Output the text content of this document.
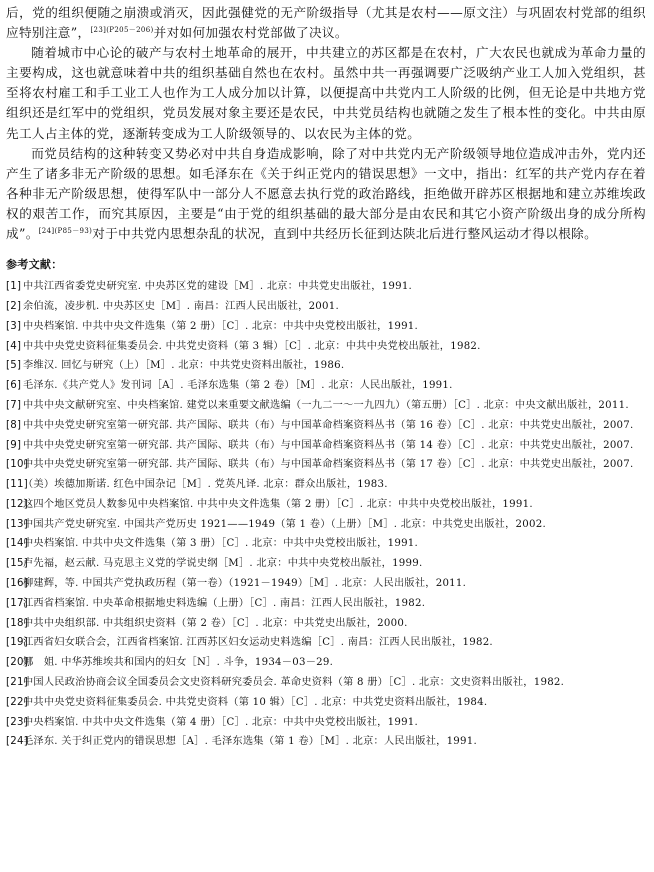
后，党的组织便随之崩溃或消灭，因此强健党的无产阶级指导（尤其是农村——原文注）与巩固农村党部的组织应特别注意”，$^{[23](P205-206)}$并对如何加强农村党部做了决议。

随着城市中心论的破产与农村土地革命的展开，中共建立的苏区都是在农村，广大农民也就成为革命力量的主要构成，这也就意味着中共的组织基础自然也在农村。虽然中共一再强调要广泛吸纳产业工人加入党组织，甚至将农村雇工和手工业工人也作为工人成分加以计算，以便提高中共党内工人阶级的比例，但无论是中共地方党组织还是红军中的党组织，党员发展对象主要还是农民，中共党员结构也就随之发生了根本性的变化。中共由原先工人占主体的党，逐渐转变成为工人阶级领导的、以农民为主体的党。

而党员结构的这种转变又势必对中共自身造成影响，除了对中共党内无产阶级领导地位造成冲击外，党内还产生了诸多非无产阶级的思想。如毛泽东在《关于纠正党内的错误思想》一文中，指出：红军的共产党内存在着各种非无产阶级思想，使得军队中一部分人不愿意去执行党的政治路线，拒绝做开辟苏区根据地和建立苏维埃政权的艰苦工作，而究其原因，主要是“由于党的组织基础的最大部分是由农民和其它小资产阶级出身的成分所构成”。$^{[24](P85-93)}$对于中共党内思想杂乱的状况，直到中共经历长征到达陕北后进行整风运动才得以根除。

参考文献：
[1] 中共江西省委党史研究室. 中央苏区党的建设［M］. 北京：中共党史出版社，1991.
[2] 余伯流，凌步机. 中央苏区史［M］. 南昌：江西人民出版社，2001.
[3] 中央档案馆. 中共中央文件选集（第 2 册）［C］. 北京：中共中央党校出版社，1991.
[4] 中共中央党史资料征集委员会. 中共党史资料（第 3 辑）［C］. 北京：中共中央党校出版社，1982.
[5] 李维汉. 回忆与研究（上）［M］. 北京：中共党史资料出版社，1986.
[6] 毛泽东.《共产党人》发刊词［A］. 毛泽东选集（第 2 卷）［M］. 北京：人民出版社，1991.
[7] 中共中央文献研究室、中央档案馆. 建党以来重要文献选编（一九二一～一九四九）（第五册）［C］. 北京：中央文献出版社，2011.
[8] 中共中央党史研究室第一研究部. 共产国际、联共（布）与中国革命档案资料丛书（第 16 卷）［C］. 北京：中共党史出版社，2007.
[9] 中共中央党史研究室第一研究部. 共产国际、联共（布）与中国革命档案资料丛书（第 14 卷）［C］. 北京：中共党史出版社，2007.
[10]
中共中央党史研究室第一研究部. 共产国际、联共（布）与中国革命档案资料丛书（第 17 卷）［C］. 北京：中共党史出版社，2007.
[11]
（美）埃德加斯诺. 红色中国杂记［M］. 党英凡译. 北京：群众出版社，1983.
[12]
这四个地区党员人数参见中央档案馆. 中共中央文件选集（第 2 册）［C］. 北京：中共中央党校出版社，1991.
[13]
中国共产党史研究室. 中国共产党历史 1921——1949（第 1 卷）（上册）［M］. 北京：中共党史出版社，2002.
[14]
中央档案馆. 中共中央文件选集（第 3 册）［C］. 北京：中共中央党校出版社，1991.
[15]
卢先福，赵云献. 马克思主义党的学说史纲［M］. 北京：中共中央党校出版社，1999.
[16]
柳建辉，等. 中国共产党执政历程（第一卷）（1921－1949）［M］. 北京：人民出版社，2011.
[17]
江西省档案馆. 中央革命根据地史料选编（上册）［C］. 南昌：江西人民出版社，1982.
[18]
中共中央组织部. 中共组织史资料（第 2 卷）［C］. 北京：中共党史出版社，2000.
[19]
江西省妇女联合会，江西省档案馆. 江西苏区妇女运动史料选编［C］. 南昌：江西人民出版社，1982.
[20]
娜　姐. 中华苏维埃共和国内的妇女［N］. 斗争，1934－03－29.
[21]
中国人民政治协商会议全国委员会文史资料研究委员会. 革命史资料（第 8 册）［C］. 北京：文史资料出版社，1982.
[22]
中共中央党史资料征集委员会. 中共党史资料（第 10 辑）［C］. 北京：中共党史资料出版社，1984.
[23]
中央档案馆. 中共中央文件选集（第 4 册）［C］. 北京：中共中央党校出版社，1991.
[24]
毛泽东. 关于纠正党内的错误思想［A］. 毛泽东选集（第 1 卷）［M］. 北京：人民出版社，1991.
